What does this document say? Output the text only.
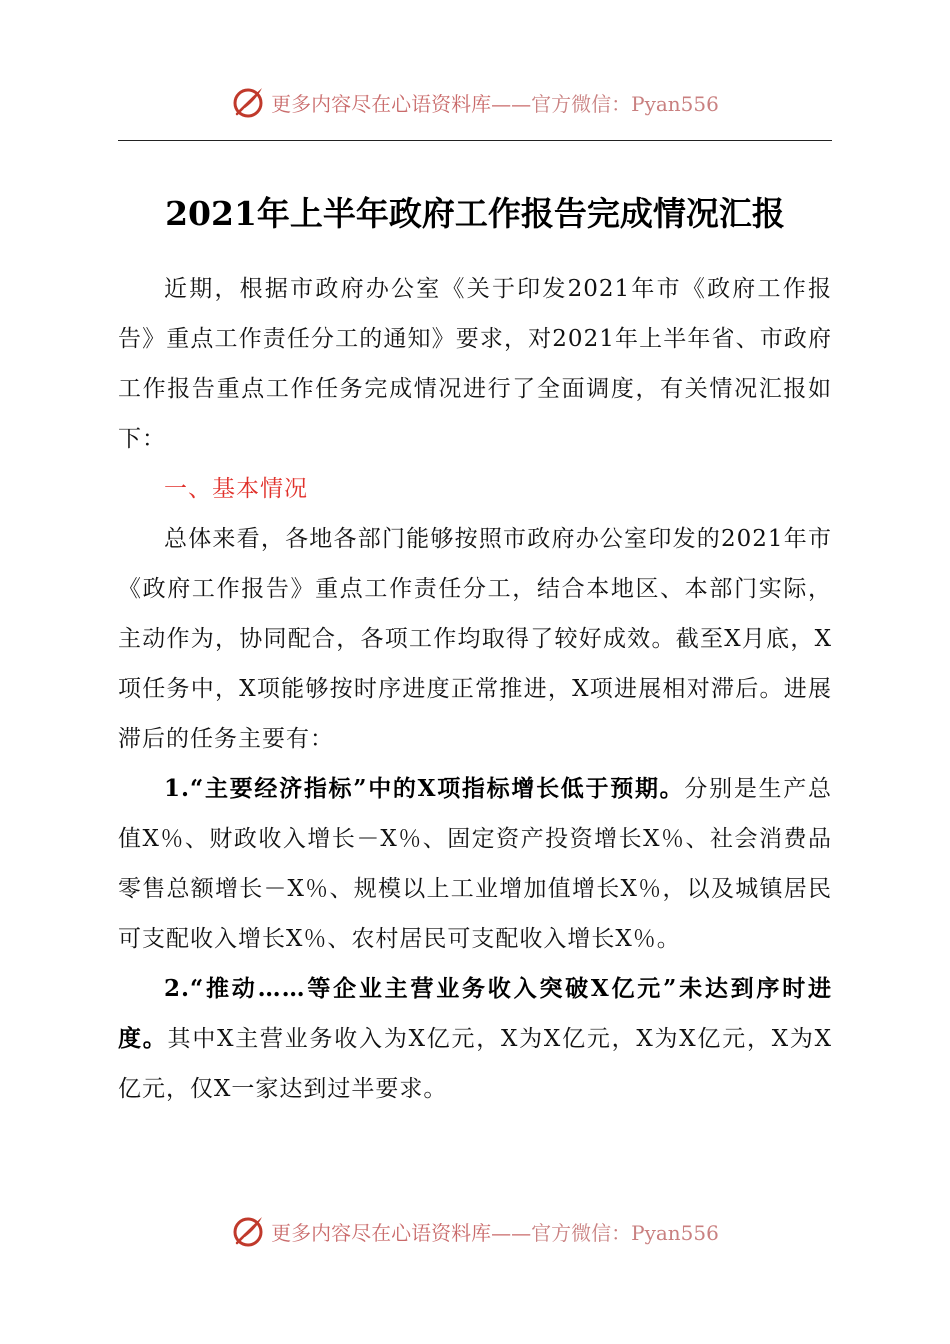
更多内容尽在心语资料库——官方微信：Pyan556
2021年上半年政府工作报告完成情况汇报

近期，根据市政府办公室《关于印发2021年市《政府工作报告》重点工作责任分工的通知》要求，对2021年上半年省、市政府工作报告重点工作任务完成情况进行了全面调度，有关情况汇报如下：

一、基本情况

总体来看，各地各部门能够按照市政府办公室印发的2021年市《政府工作报告》重点工作责任分工，结合本地区、本部门实际，主动作为，协同配合，各项工作均取得了较好成效。截至X月底，X项任务中，X项能够按时序进度正常推进，X项进展相对滞后。进展滞后的任务主要有：

1.“主要经济指标”中的X项指标增长低于预期。分别是生产总值X％、财政收入增长－X％、固定资产投资增长X％、社会消费品零售总额增长－X％、规模以上工业增加值增长X％，以及城镇居民可支配收入增长X％、农村居民可支配收入增长X％。

2.“推动……等企业主营业务收入突破X亿元”未达到序时进度。其中X主营业务收入为X亿元，X为X亿元，X为X亿元，X为X亿元，仅X一家达到过半要求。

更多内容尽在心语资料库——官方微信：Pyan556
